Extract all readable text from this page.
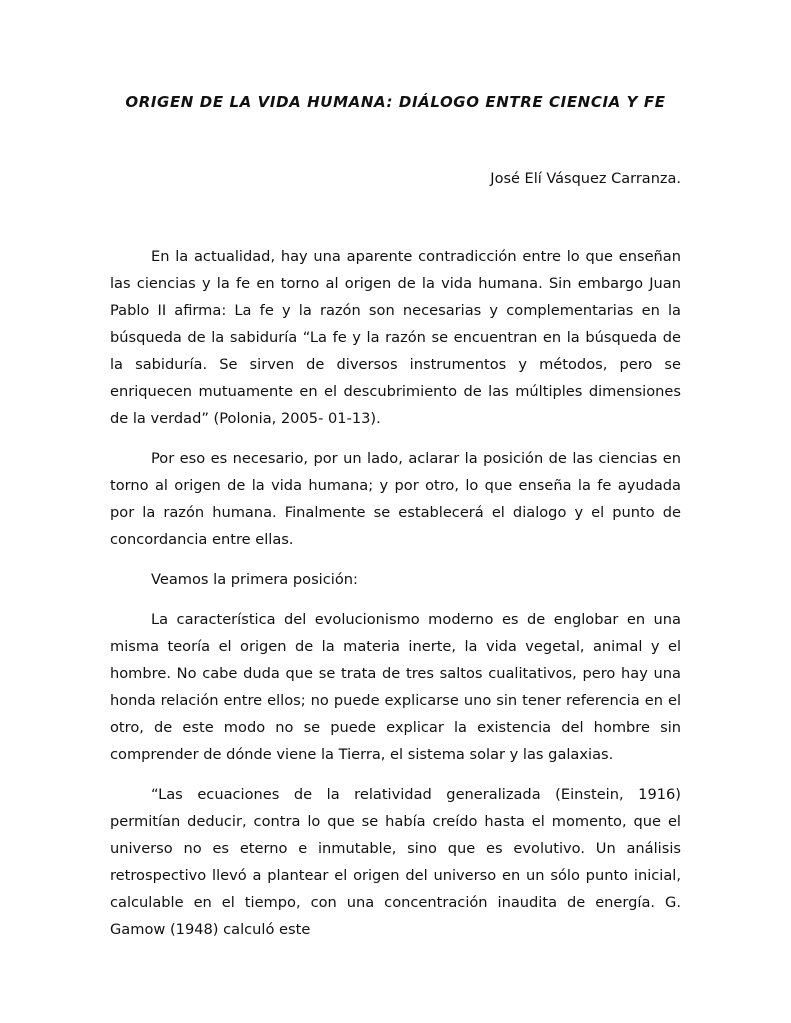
ORIGEN DE LA VIDA HUMANA: DIÁLOGO ENTRE CIENCIA Y FE

José Elí Vásquez Carranza.

En la actualidad, hay una aparente contradicción entre lo que enseñan las ciencias y la fe en torno al origen de la vida humana. Sin embargo Juan Pablo II afirma: La fe y la razón son necesarias y complementarias en la búsqueda de la sabiduría “La fe y la razón se encuentran en la búsqueda de la sabiduría. Se sirven de diversos instrumentos y métodos, pero se enriquecen mutuamente en el descubrimiento de las múltiples dimensiones de la verdad” (Polonia, 2005- 01-13).

Por eso es necesario, por un lado, aclarar la posición de las ciencias en torno al origen de la vida humana; y por otro, lo que enseña la fe ayudada por la razón humana. Finalmente se establecerá el dialogo y el punto de concordancia entre ellas.

Veamos la primera posición:

La característica del evolucionismo moderno es de englobar en una misma teoría el origen de la materia inerte, la vida vegetal, animal y el hombre. No cabe duda que se trata de tres saltos cualitativos, pero hay una honda relación entre ellos; no puede explicarse uno sin tener referencia en el otro, de este modo no se puede explicar la existencia del hombre sin comprender de dónde viene la Tierra, el sistema solar y las galaxias.

“Las ecuaciones de la relatividad generalizada (Einstein, 1916) permitían deducir, contra lo que se había creído hasta el momento, que el universo no es eterno e inmutable, sino que es evolutivo. Un análisis retrospectivo llevó a plantear el origen del universo en un sólo punto inicial, calculable en el tiempo, con una concentración inaudita de energía. G. Gamow (1948) calculó este
